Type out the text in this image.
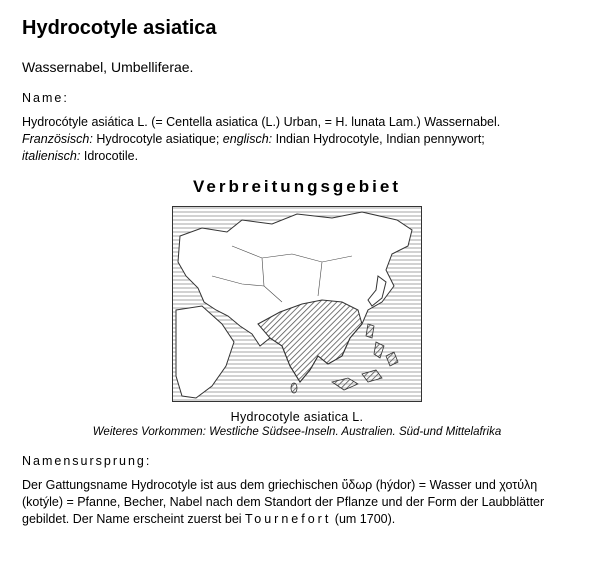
Hydrocotyle asiatica
Wassernabel, Umbelliferae.
Name:
Hydrocótyle asiática L. (= Centella asiatica (L.) Urban, = H. lunata Lam.) Wassernabel.
Französisch: Hydrocotyle asiatique; englisch: Indian Hydrocotyle, Indian pennywort;
italienisch: Idrocotile.
Verbreitungsgebiet
Hydrocotyle asiatica L.
Weiteres Vorkommen: Westliche Südsee-Inseln. Australien. Süd-und Mittelafrika
Namensursprung:
Der Gattungsname Hydrocotyle ist aus dem griechischen ὕδωρ (hýdor) = Wasser und χοτύλη (kotýle) = Pfanne, Becher, Nabel nach dem Standort der Pflanze und der Form der Laubblätter gebildet. Der Name erscheint zuerst bei Tournefort (um 1700).
